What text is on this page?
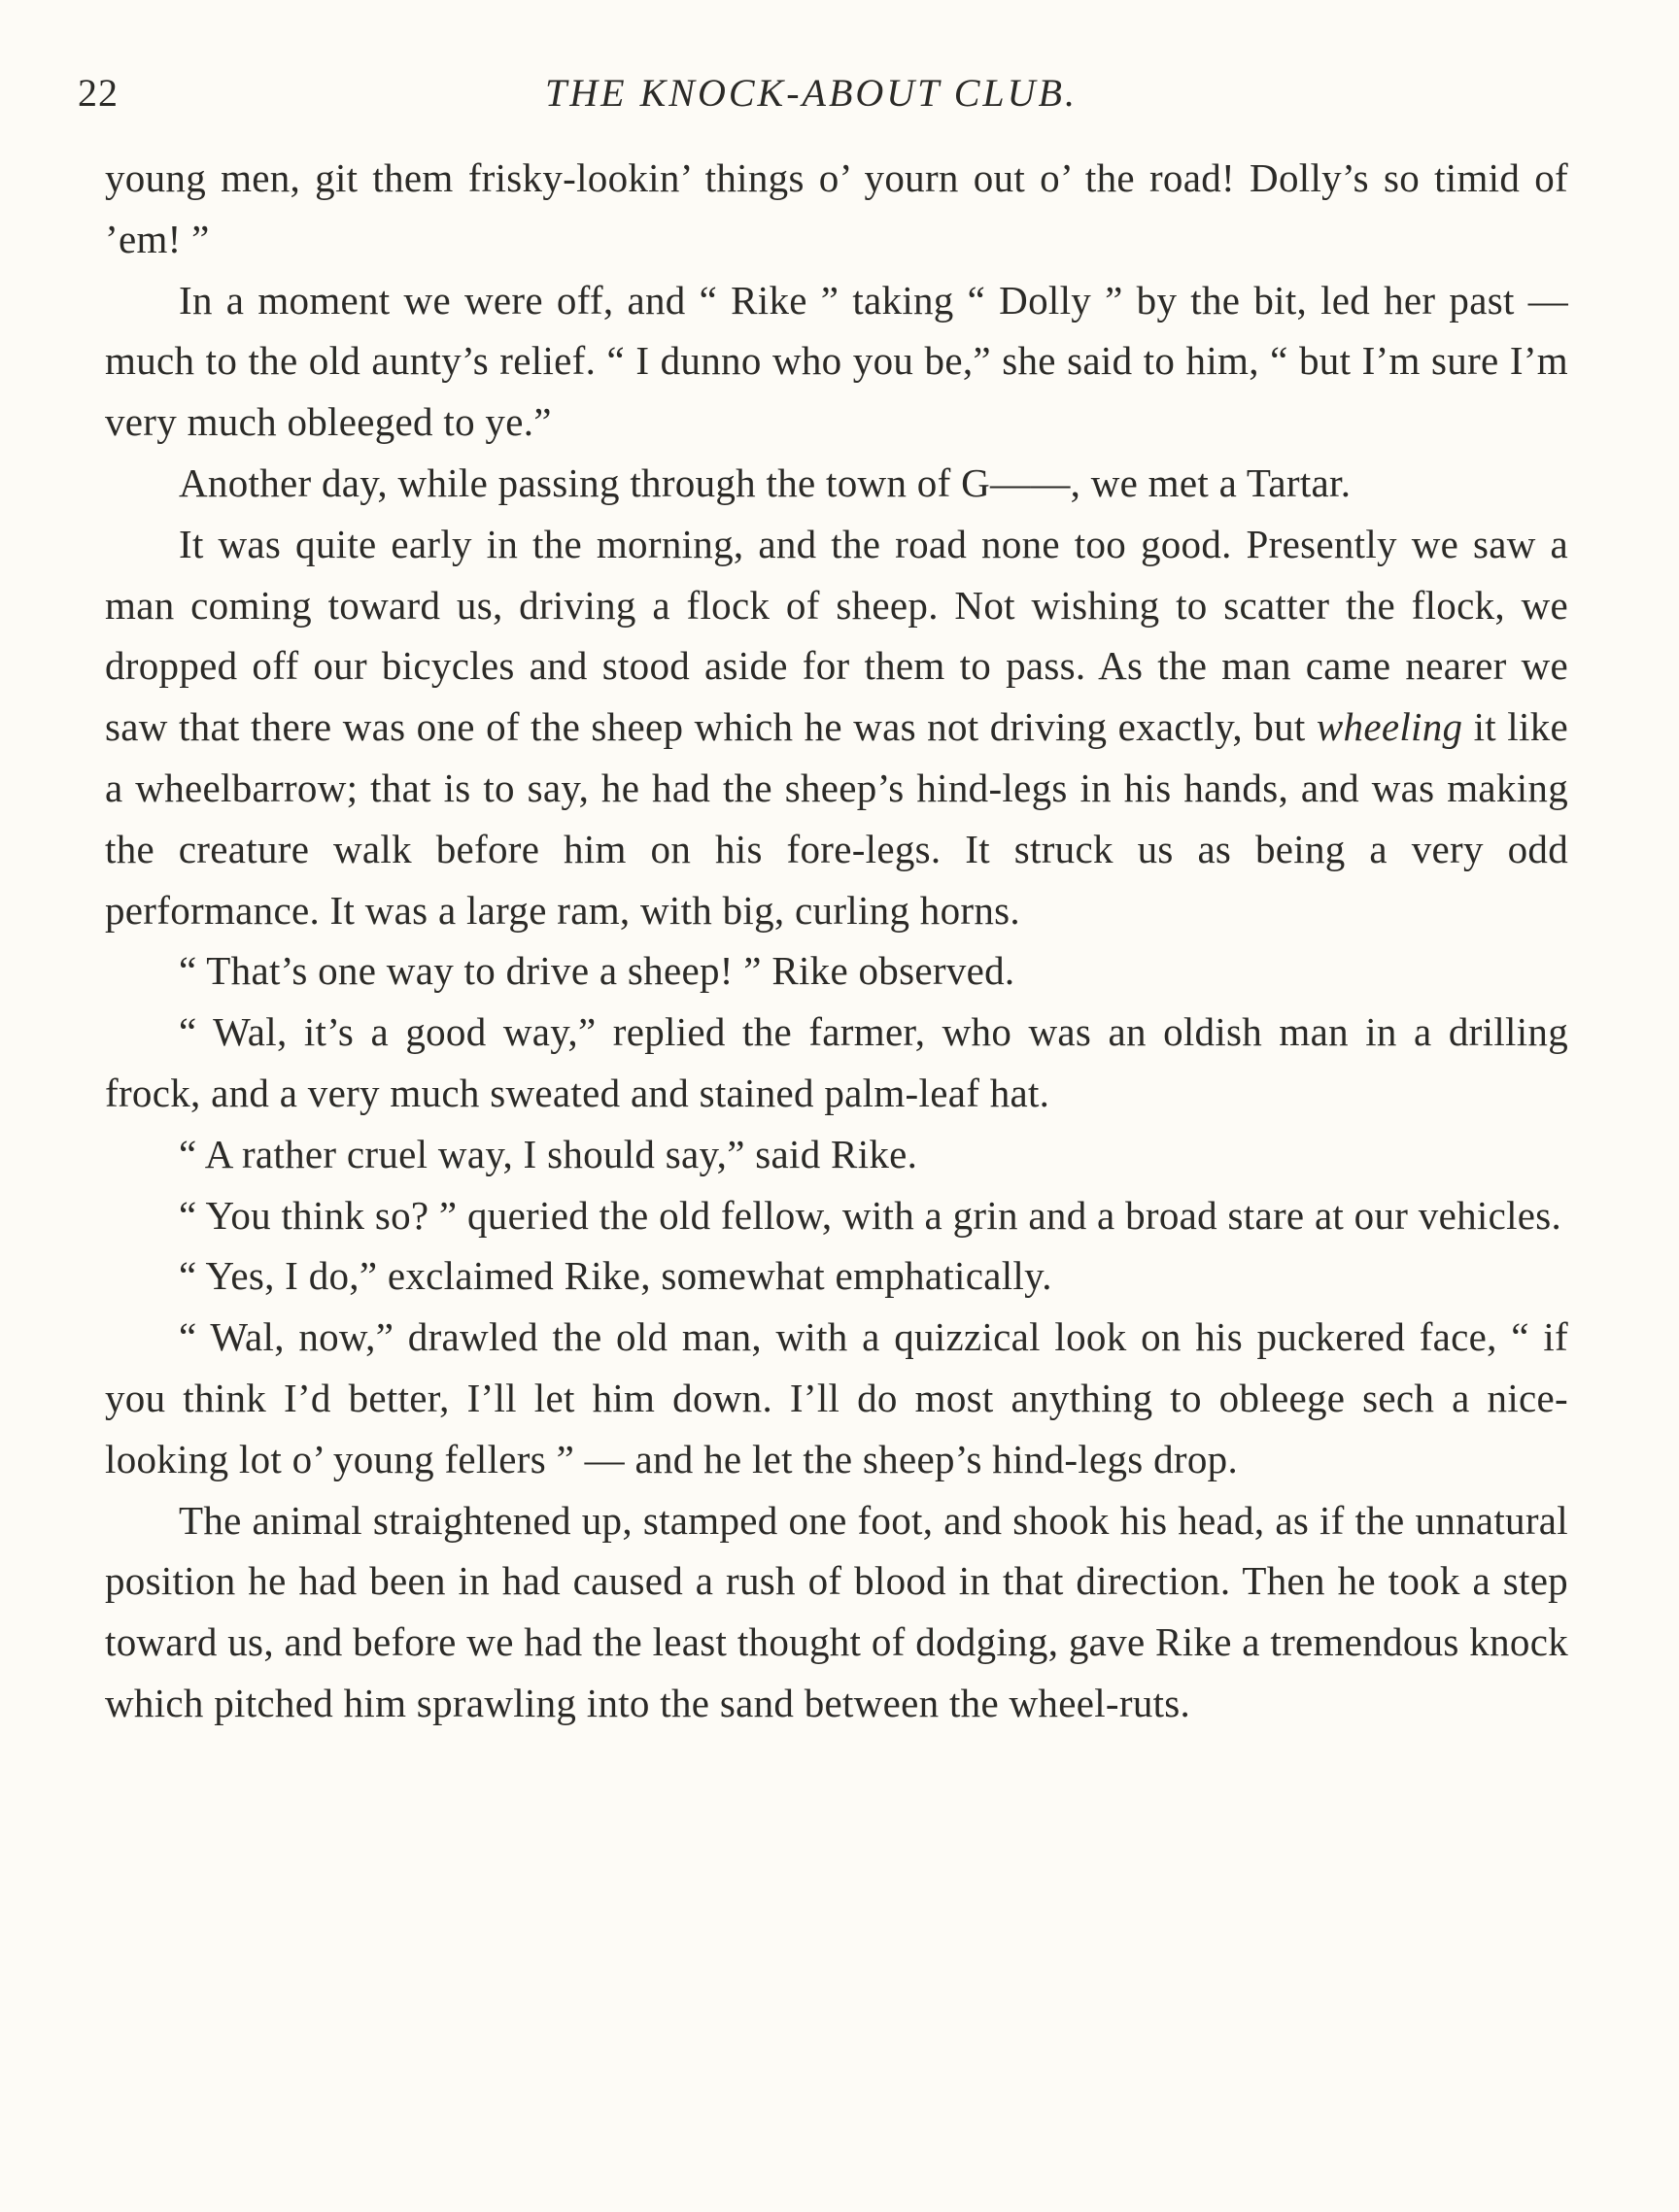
22	THE KNOCK-ABOUT CLUB.

young men, git them frisky-lookin’ things o’ yourn out o’ the road! Dolly’s so timid of ’em! ”

In a moment we were off, and “ Rike ” taking “ Dolly ” by the bit, led her past — much to the old aunty’s relief. “ I dunno who you be,” she said to him, “ but I’m sure I’m very much obleeged to ye.”

Another day, while passing through the town of G——, we met a Tartar.

It was quite early in the morning, and the road none too good. Presently we saw a man coming toward us, driving a flock of sheep. Not wishing to scatter the flock, we dropped off our bicycles and stood aside for them to pass. As the man came nearer we saw that there was one of the sheep which he was not driving exactly, but wheeling it like a wheelbarrow; that is to say, he had the sheep’s hind-legs in his hands, and was making the creature walk before him on his fore-legs. It struck us as being a very odd performance. It was a large ram, with big, curling horns.

“ That’s one way to drive a sheep! ” Rike observed.

“ Wal, it’s a good way,” replied the farmer, who was an oldish man in a drilling frock, and a very much sweated and stained palm-leaf hat.

“ A rather cruel way, I should say,” said Rike.

“ You think so? ” queried the old fellow, with a grin and a broad stare at our vehicles.

“ Yes, I do,” exclaimed Rike, somewhat emphatically.

“ Wal, now,” drawled the old man, with a quizzical look on his puckered face, “ if you think I’d better, I’ll let him down. I’ll do most anything to obleege sech a nice-looking lot o’ young fellers ” — and he let the sheep’s hind-legs drop.

The animal straightened up, stamped one foot, and shook his head, as if the unnatural position he had been in had caused a rush of blood in that direction. Then he took a step toward us, and before we had the least thought of dodging, gave Rike a tremendous knock which pitched him sprawling into the sand between the wheel-ruts.
